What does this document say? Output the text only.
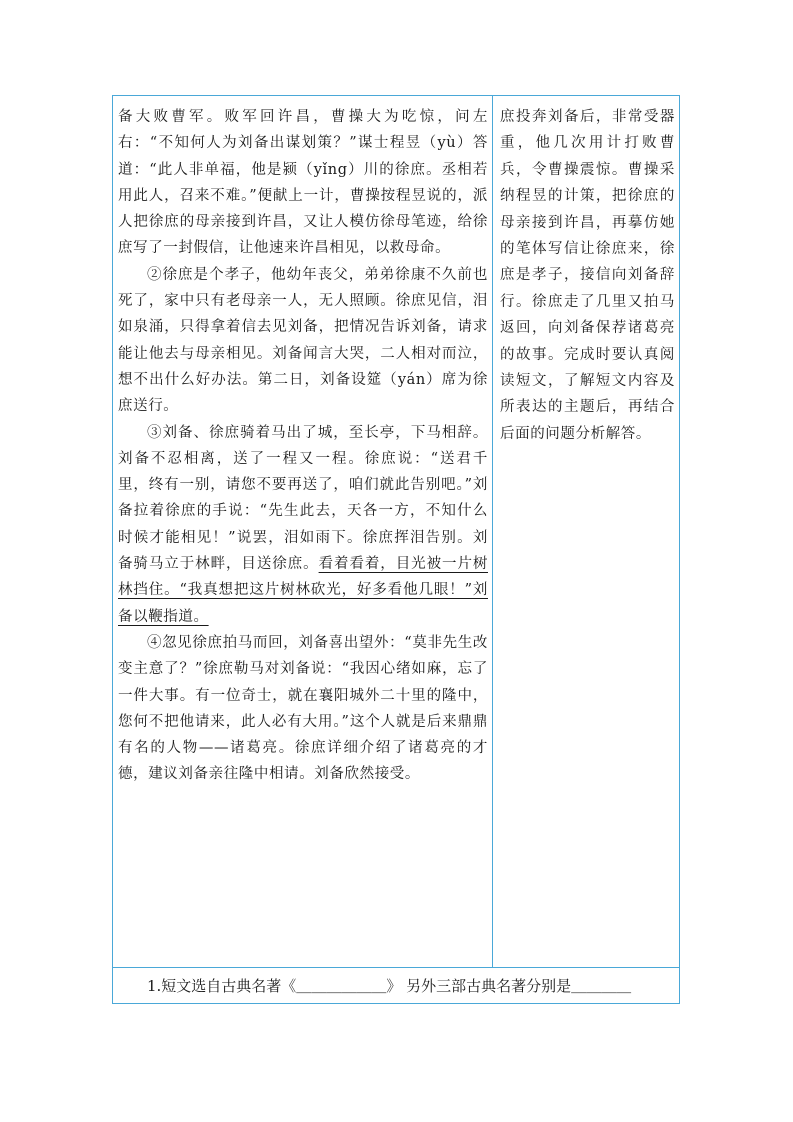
备大败曹军。败军回许昌，曹操大为吃惊，问左右：“不知何人为刘备出谋划策？”谋士程昱（yù）答道：“此人非单福，他是颍（yǐng）川的徐庶。丞相若用此人，召来不难。”便献上一计，曹操按程昱说的，派人把徐庶的母亲接到许昌，又让人模仿徐母笔迹，给徐庶写了一封假信，让他速来许昌相见，以救母命。

②徐庶是个孝子，他幼年丧父，弟弟徐康不久前也死了，家中只有老母亲一人，无人照顾。徐庶见信，泪如泉涌，只得拿着信去见刘备，把情况告诉刘备，请求能让他去与母亲相见。刘备闻言大哭，二人相对而泣，想不出什么好办法。第二日，刘备设筵（yán）席为徐庶送行。

③刘备、徐庶骑着马出了城，至长亭，下马相辞。刘备不忍相离，送了一程又一程。徐庶说：“送君千里，终有一别，请您不要再送了，咱们就此告别吧。”刘备拉着徐庶的手说：“先生此去，天各一方，不知什么时候才能相见！”说罢，泪如雨下。徐庶挥泪告别。刘备骑马立于林畔，目送徐庶。看着看着，目光被一片树林挡住。“我真想把这片树林砍光，好多看他几眼！”刘备以鞭指道。

④忽见徐庶拍马而回，刘备喜出望外：“莫非先生改变主意了？”徐庶勒马对刘备说：“我因心绪如麻，忘了一件大事。有一位奇士，就在襄阳城外二十里的隆中，您何不把他请来，此人必有大用。”这个人就是后来鼎鼎有名的人物——诸葛亮。徐庶详细介绍了诸葛亮的才德，建议刘备亲往隆中相请。刘备欣然接受。

庶投奔刘备后，非常受器重，他几次用计打败曹兵，令曹操震惊。曹操采纳程昱的计策，把徐庶的母亲接到许昌，再摹仿她的笔体写信让徐庶来，徐庶是孝子，接信向刘备辞行。徐庶走了几里又拍马返回，向刘备保荐诸葛亮的故事。完成时要认真阅读短文，了解短文内容及所表达的主题后，再结合后面的问题分析解答。

1.短文选自古典名著《＿＿＿＿＿＿》 另外三部古典名著分别是＿＿＿＿
